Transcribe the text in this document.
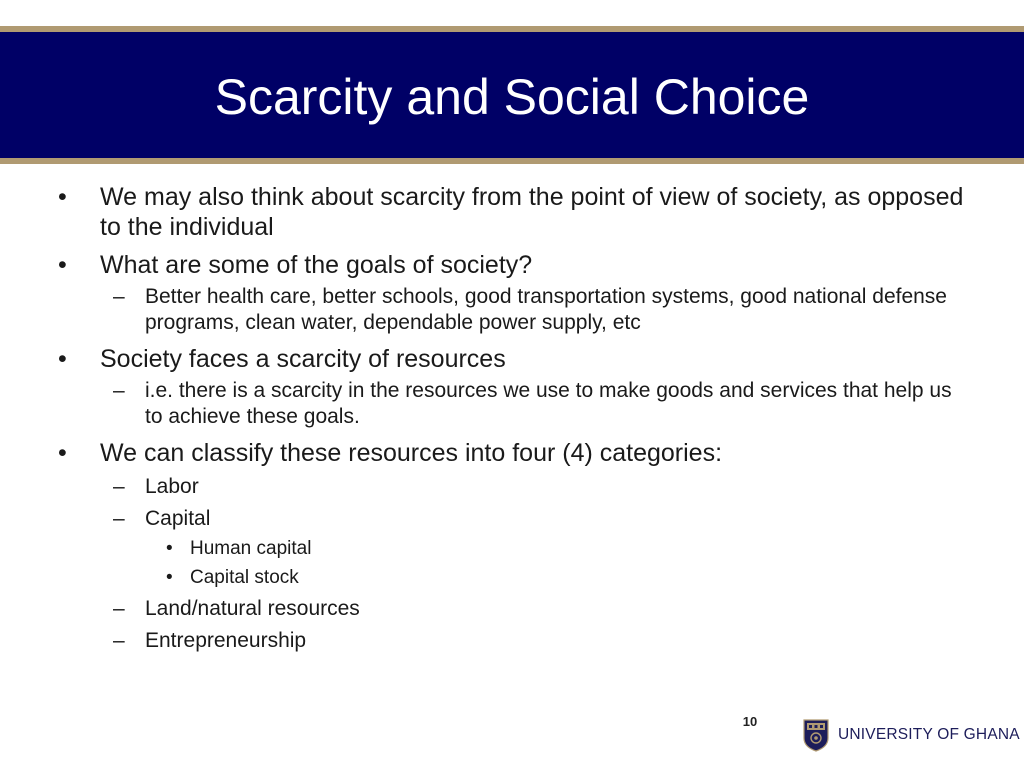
Scarcity and Social Choice
• We may also think about scarcity from the point of view of society, as opposed to the individual
• What are some of the goals of society?
– Better health care, better schools, good transportation systems, good national defense programs, clean water, dependable power supply, etc
• Society faces a scarcity of resources
– i.e. there is a scarcity in the resources we use to make goods and services that help us to achieve these goals.
• We can classify these resources into four (4) categories:
– Labor
– Capital
• Human capital
• Capital stock
– Land/natural resources
– Entrepreneurship
10
UNIVERSITY OF GHANA
